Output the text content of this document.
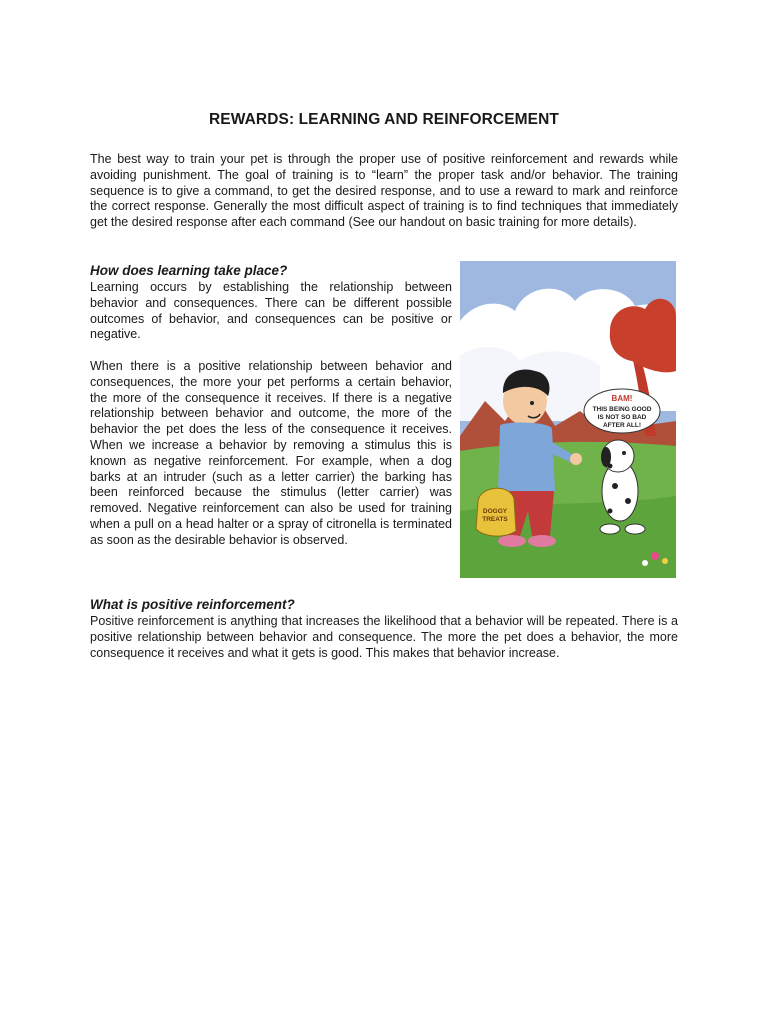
REWARDS: LEARNING AND REINFORCEMENT

The best way to train your pet is through the proper use of positive reinforcement and rewards while avoiding punishment. The goal of training is to “learn” the proper task and/or behavior. The training sequence is to give a command, to get the desired response, and to use a reward to mark and reinforce the correct response. Generally the most difficult aspect of training is to find techniques that immediately get the desired response after each command (See our handout on basic training for more details).

How does learning take place?

Learning occurs by establishing the relationship between behavior and consequences. There can be different possible outcomes of behavior, and consequences can be positive or negative.

When there is a positive relationship between behavior and consequences, the more your pet performs a certain behavior, the more of the consequence it receives. If there is a negative relationship between behavior and outcome, the more of the behavior the pet does the less of the consequence it receives. When we increase a behavior by removing a stimulus this is known as negative reinforcement. For example, when a dog barks at an intruder (such as a letter carrier) the barking has been reinforced because the stimulus (letter carrier) was removed. Negative reinforcement can also be used for training when a pull on a head halter or a spray of citronella is terminated as soon as the desirable behavior is observed.

BAM!
THIS BEING GOOD
IS NOT SO BAD
AFTER ALL!
DOGGY
TREATS
What is positive reinforcement?

Positive reinforcement is anything that increases the likelihood that a behavior will be repeated. There is a positive relationship between behavior and consequence. The more the pet does a behavior, the more consequence it receives and what it gets is good. This makes that behavior increase.
